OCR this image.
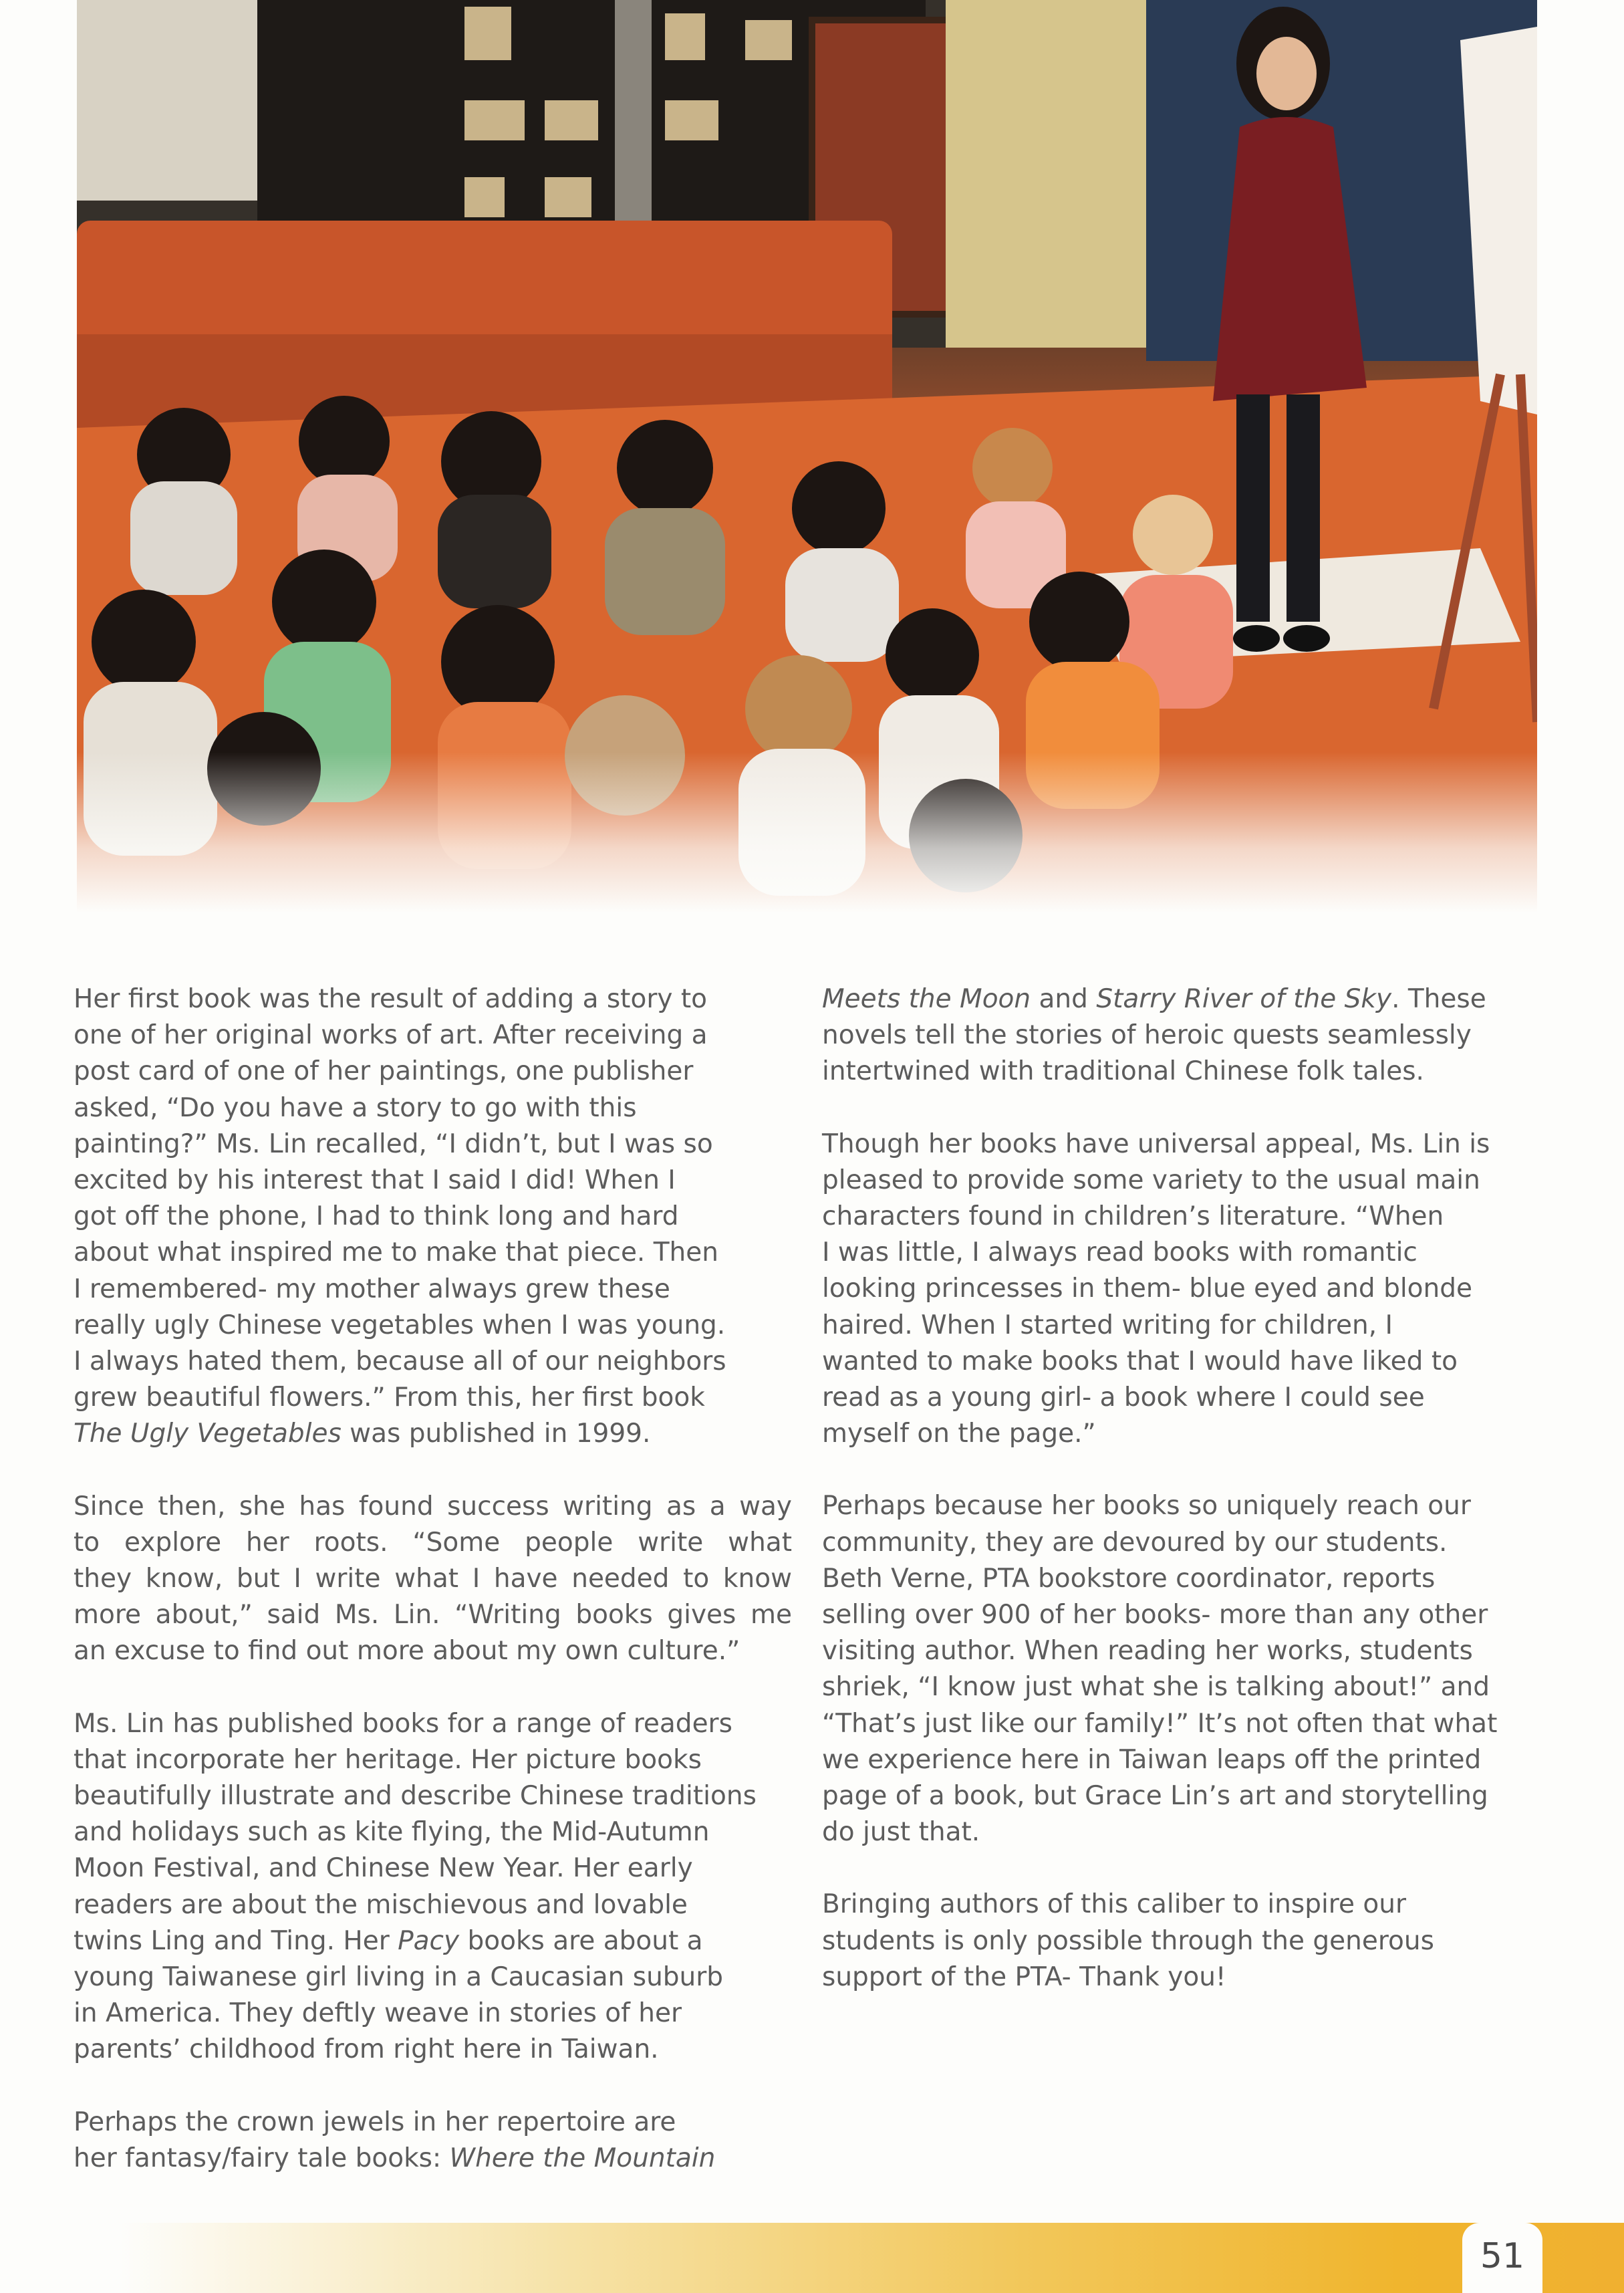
Her first book was the result of adding a story to
one of her original works of art. After receiving a
post card of one of her paintings, one publisher
asked, “Do you have a story to go with this
painting?” Ms. Lin recalled, “I didn’t, but I was so
excited by his interest that I said I did! When I
got off the phone, I had to think long and hard
about what inspired me to make that piece. Then
I remembered- my mother always grew these
really ugly Chinese vegetables when I was young.
I always hated them, because all of our neighbors
grew beautiful flowers.” From this, her first book
The Ugly Vegetables was published in 1999.

Since then, she has found success writing as a way
to explore her roots. “Some people write what
they know, but I write what I have needed to know
more about,” said Ms. Lin. “Writing books gives me
an excuse to find out more about my own culture.”

Ms. Lin has published books for a range of readers
that incorporate her heritage. Her picture books
beautifully illustrate and describe Chinese traditions
and holidays such as kite flying, the Mid-Autumn
Moon Festival, and Chinese New Year. Her early
readers are about the mischievous and lovable
twins Ling and Ting. Her Pacy books are about a
young Taiwanese girl living in a Caucasian suburb
in America. They deftly weave in stories of her
parents’ childhood from right here in Taiwan.

Perhaps the crown jewels in her repertoire are
her fantasy/fairy tale books: Where the Mountain

Meets the Moon and Starry River of the Sky. These
novels tell the stories of heroic quests seamlessly
intertwined with traditional Chinese folk tales.

Though her books have universal appeal, Ms. Lin is
pleased to provide some variety to the usual main
characters found in children’s literature. “When
I was little, I always read books with romantic
looking princesses in them- blue eyed and blonde
haired. When I started writing for children, I
wanted to make books that I would have liked to
read as a young girl- a book where I could see
myself on the page.”

Perhaps because her books so uniquely reach our
community, they are devoured by our students.
Beth Verne, PTA bookstore coordinator, reports
selling over 900 of her books- more than any other
visiting author. When reading her works, students
shriek, “I know just what she is talking about!” and
“That’s just like our family!” It’s not often that what
we experience here in Taiwan leaps off the printed
page of a book, but Grace Lin’s art and storytelling
do just that.

Bringing authors of this caliber to inspire our
students is only possible through the generous
support of the PTA- Thank you!

51
